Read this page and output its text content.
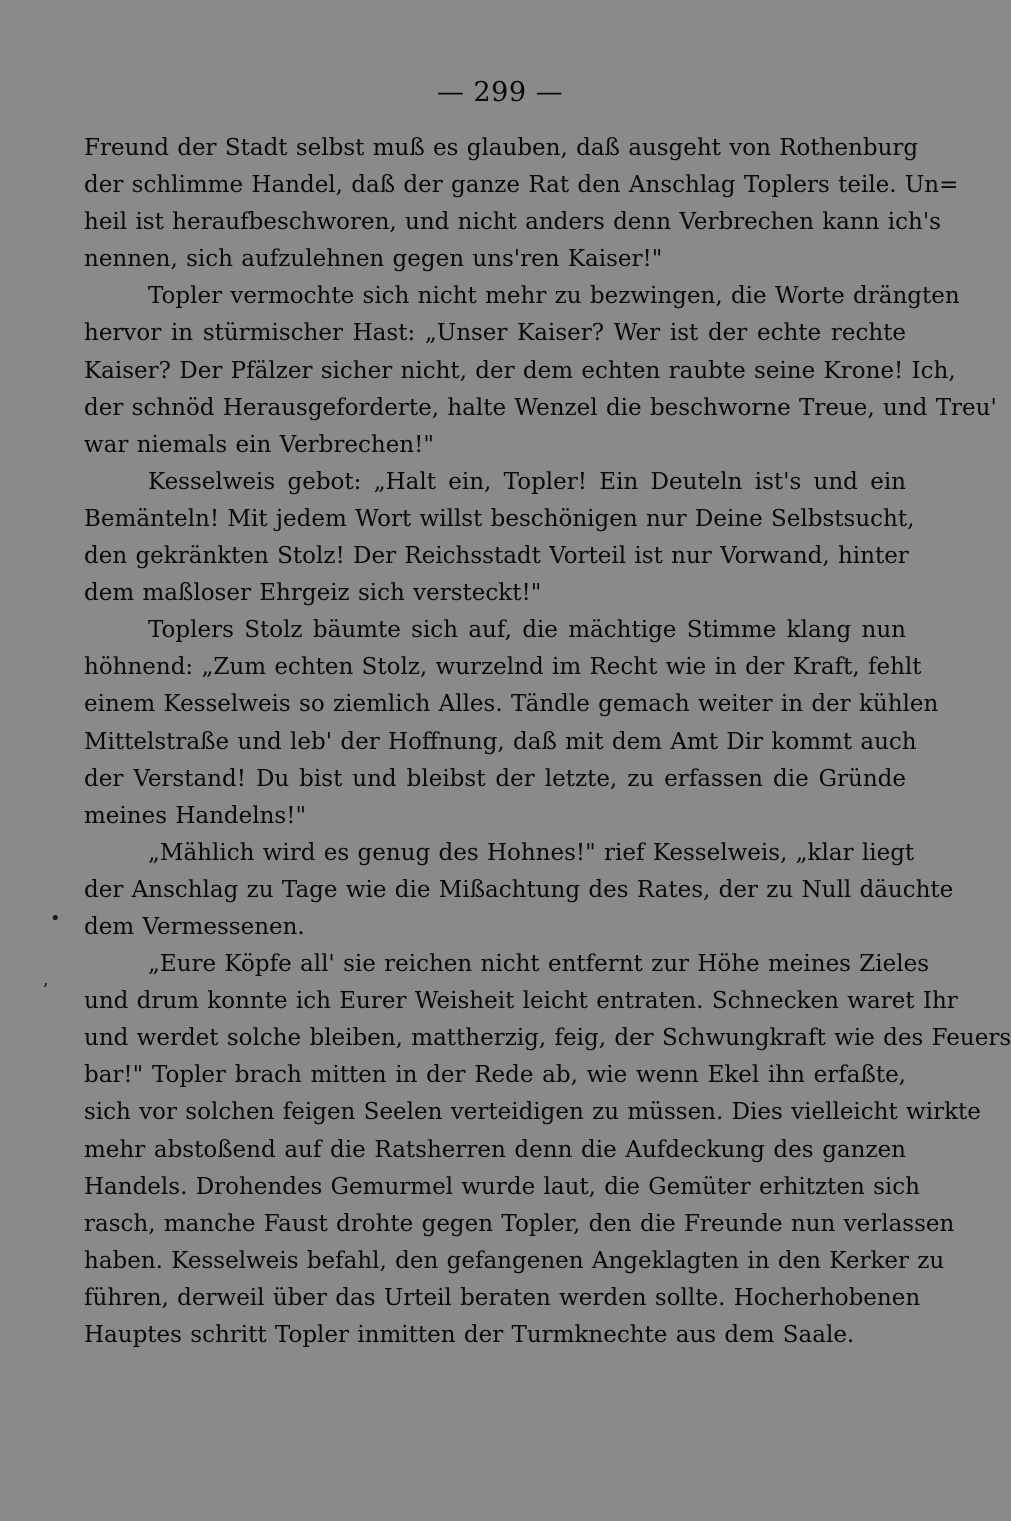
— 299 —

Freund der Stadt selbst muß es glauben, daß ausgeht von Rothenburg
der schlimme Handel, daß der ganze Rat den Anschlag Toplers teile. Un=
heil ist heraufbeschworen, und nicht anders denn Verbrechen kann ich's
nennen, sich aufzulehnen gegen uns'ren Kaiser!"

Topler vermochte sich nicht mehr zu bezwingen, die Worte drängten
hervor in stürmischer Hast: „Unser Kaiser? Wer ist der echte rechte
Kaiser? Der Pfälzer sicher nicht, der dem echten raubte seine Krone! Ich,
der schnöd Herausgeforderte, halte Wenzel die beschworne Treue, und Treu'
war niemals ein Verbrechen!"

Kesselweis gebot: „Halt ein, Topler! Ein Deuteln ist's und ein
Bemänteln! Mit jedem Wort willst beschönigen nur Deine Selbstsucht,
den gekränkten Stolz! Der Reichsstadt Vorteil ist nur Vorwand, hinter
dem maßloser Ehrgeiz sich versteckt!"

Toplers Stolz bäumte sich auf, die mächtige Stimme klang nun
höhnend: „Zum echten Stolz, wurzelnd im Recht wie in der Kraft, fehlt
einem Kesselweis so ziemlich Alles. Tändle gemach weiter in der kühlen
Mittelstraße und leb' der Hoffnung, daß mit dem Amt Dir kommt auch
der Verstand! Du bist und bleibst der letzte, zu erfassen die Gründe
meines Handelns!"

„Mählich wird es genug des Hohnes!" rief Kesselweis, „klar liegt
der Anschlag zu Tage wie die Mißachtung des Rates, der zu Null däuchte
dem Vermessenen.

„Eure Köpfe all' sie reichen nicht entfernt zur Höhe meines Zieles
und drum konnte ich Eurer Weisheit leicht entraten. Schnecken waret Ihr
und werdet solche bleiben, mattherzig, feig, der Schwungkraft wie des Feuers
bar!" Topler brach mitten in der Rede ab, wie wenn Ekel ihn erfaßte,
sich vor solchen feigen Seelen verteidigen zu müssen. Dies vielleicht wirkte
mehr abstoßend auf die Ratsherren denn die Aufdeckung des ganzen
Handels. Drohendes Gemurmel wurde laut, die Gemüter erhitzten sich
rasch, manche Faust drohte gegen Topler, den die Freunde nun verlassen
haben. Kesselweis befahl, den gefangenen Angeklagten in den Kerker zu
führen, derweil über das Urteil beraten werden sollte. Hocherhobenen
Hauptes schritt Topler inmitten der Turmknechte aus dem Saale.

•
ʼ
